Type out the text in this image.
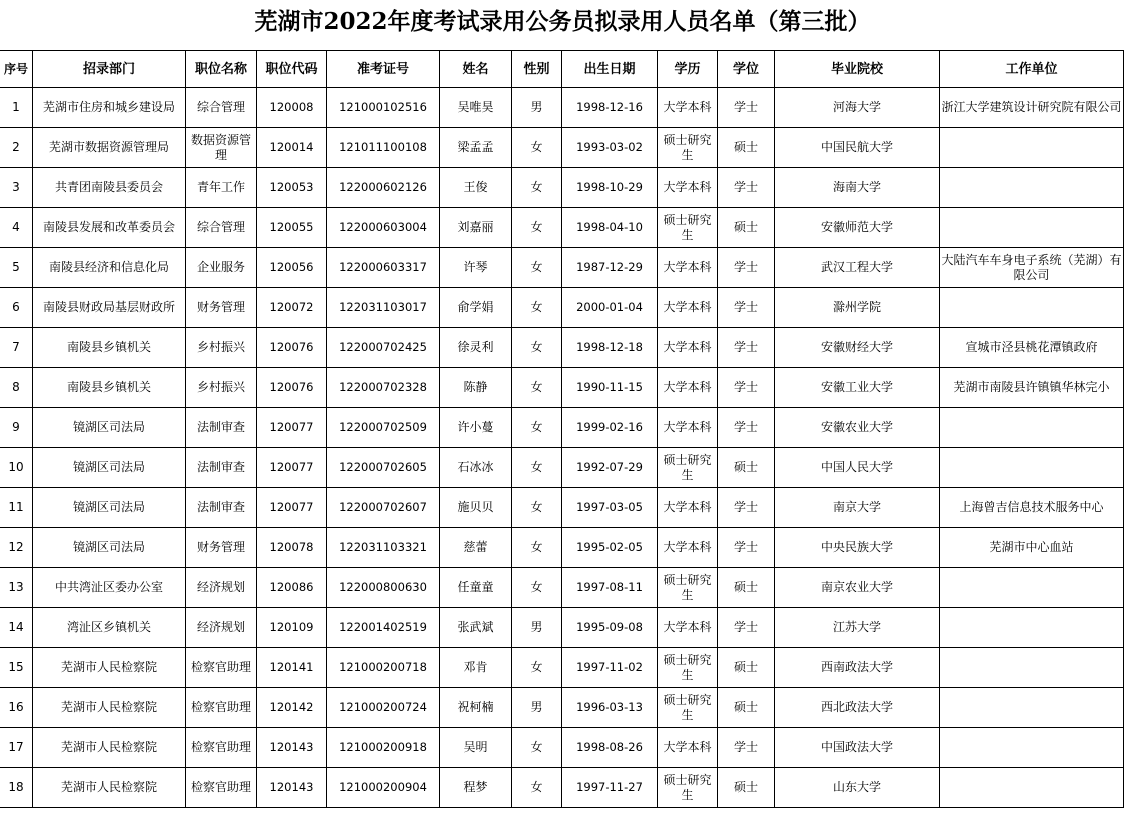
芜湖市2022年度考试录用公务员拟录用人员名单（第三批）
序号	招录部门	职位名称	职位代码	准考证号	姓名	性别	出生日期	学历	学位	毕业院校	工作单位
1	芜湖市住房和城乡建设局	综合管理	120008	121000102516	吴唯昊	男	1998-12-16	大学本科	学士	河海大学	浙江大学建筑设计研究院有限公司
2	芜湖市数据资源管理局	数据资源管理	120014	121011100108	梁孟孟	女	1993-03-02	硕士研究生	硕士	中国民航大学	
3	共青团南陵县委员会	青年工作	120053	122000602126	王俊	女	1998-10-29	大学本科	学士	海南大学	
4	南陵县发展和改革委员会	综合管理	120055	122000603004	刘嘉丽	女	1998-04-10	硕士研究生	硕士	安徽师范大学	
5	南陵县经济和信息化局	企业服务	120056	122000603317	许琴	女	1987-12-29	大学本科	学士	武汉工程大学	大陆汽车车身电子系统（芜湖）有限公司
6	南陵县财政局基层财政所	财务管理	120072	122031103017	俞学娟	女	2000-01-04	大学本科	学士	滁州学院	
7	南陵县乡镇机关	乡村振兴	120076	122000702425	徐灵利	女	1998-12-18	大学本科	学士	安徽财经大学	宣城市泾县桃花潭镇政府
8	南陵县乡镇机关	乡村振兴	120076	122000702328	陈静	女	1990-11-15	大学本科	学士	安徽工业大学	芜湖市南陵县许镇镇华林完小
9	镜湖区司法局	法制审查	120077	122000702509	许小蔓	女	1999-02-16	大学本科	学士	安徽农业大学	
10	镜湖区司法局	法制审查	120077	122000702605	石冰冰	女	1992-07-29	硕士研究生	硕士	中国人民大学	
11	镜湖区司法局	法制审查	120077	122000702607	施贝贝	女	1997-03-05	大学本科	学士	南京大学	上海曾吉信息技术服务中心
12	镜湖区司法局	财务管理	120078	122031103321	慈蕾	女	1995-02-05	大学本科	学士	中央民族大学	芜湖市中心血站
13	中共湾沚区委办公室	经济规划	120086	122000800630	任童童	女	1997-08-11	硕士研究生	硕士	南京农业大学	
14	湾沚区乡镇机关	经济规划	120109	122001402519	张武斌	男	1995-09-08	大学本科	学士	江苏大学	
15	芜湖市人民检察院	检察官助理	120141	121000200718	邓肯	女	1997-11-02	硕士研究生	硕士	西南政法大学	
16	芜湖市人民检察院	检察官助理	120142	121000200724	祝柯楠	男	1996-03-13	硕士研究生	硕士	西北政法大学	
17	芜湖市人民检察院	检察官助理	120143	121000200918	吴明	女	1998-08-26	大学本科	学士	中国政法大学	
18	芜湖市人民检察院	检察官助理	120143	121000200904	程梦	女	1997-11-27	硕士研究生	硕士	山东大学	
